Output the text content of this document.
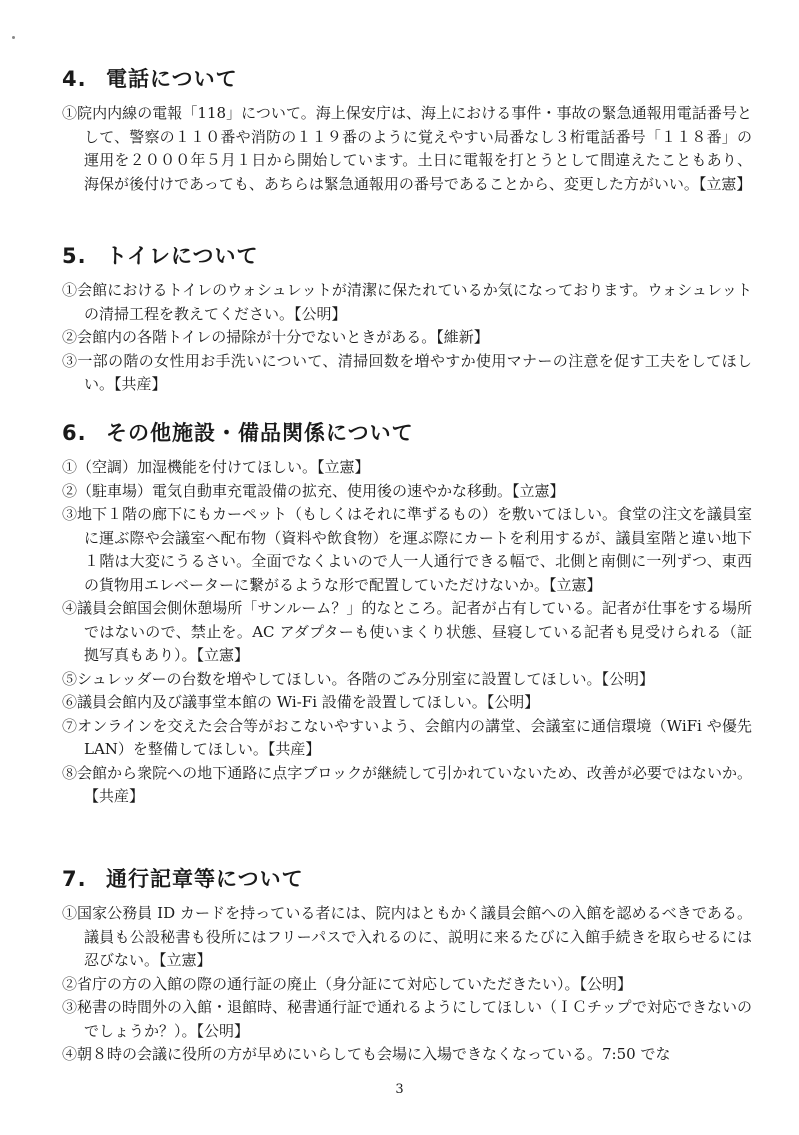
4. 電話について

①院内内線の電報「118」について。海上保安庁は、海上における事件・事故の緊急通報用電話番号として、警察の１１０番や消防の１１９番のように覚えやすい局番なし３桁電話番号「１１８番」の運用を２０００年５月１日から開始しています。土日に電報を打とうとして間違えたこともあり、海保が後付けであっても、あちらは緊急通報用の番号であることから、変更した方がいい。【立憲】

5. トイレについて

①会館におけるトイレのウォシュレットが清潔に保たれているか気になっております。ウォシュレットの清掃工程を教えてください。【公明】

②会館内の各階トイレの掃除が十分でないときがある。【維新】

③一部の階の女性用お手洗いについて、清掃回数を増やすか使用マナーの注意を促す工夫をしてほしい。【共産】

6. その他施設・備品関係について

①（空調）加湿機能を付けてほしい。【立憲】

②（駐車場）電気自動車充電設備の拡充、使用後の速やかな移動。【立憲】

③地下１階の廊下にもカーペット（もしくはそれに準ずるもの）を敷いてほしい。食堂の注文を議員室に運ぶ際や会議室へ配布物（資料や飲食物）を運ぶ際にカートを利用するが、議員室階と違い地下１階は大変にうるさい。全面でなくよいので人一人通行できる幅で、北側と南側に一列ずつ、東西の貨物用エレベーターに繋がるような形で配置していただけないか。【立憲】

④議員会館国会側休憩場所「サンルーム？」的なところ。記者が占有している。記者が仕事をする場所ではないので、禁止を。AC アダプターも使いまくり状態、昼寝している記者も見受けられる（証拠写真もあり）。【立憲】

⑤シュレッダーの台数を増やしてほしい。各階のごみ分別室に設置してほしい。【公明】

⑥議員会館内及び議事堂本館の Wi-Fi 設備を設置してほしい。【公明】

⑦オンラインを交えた会合等がおこないやすいよう、会館内の講堂、会議室に通信環境（WiFi や優先 LAN）を整備してほしい。【共産】

⑧会館から衆院への地下通路に点字ブロックが継続して引かれていないため、改善が必要ではないか。【共産】

7. 通行記章等について

①国家公務員 ID カードを持っている者には、院内はともかく議員会館への入館を認めるべきである。議員も公設秘書も役所にはフリーパスで入れるのに、説明に来るたびに入館手続きを取らせるには忍びない。【立憲】

②省庁の方の入館の際の通行証の廃止（身分証にて対応していただきたい）。【公明】

③秘書の時間外の入館・退館時、秘書通行証で通れるようにしてほしい（ＩＣチップで対応できないのでしょうか？）。【公明】

④朝８時の会議に役所の方が早めにいらしても会場に入場できなくなっている。7:50 でな

3
